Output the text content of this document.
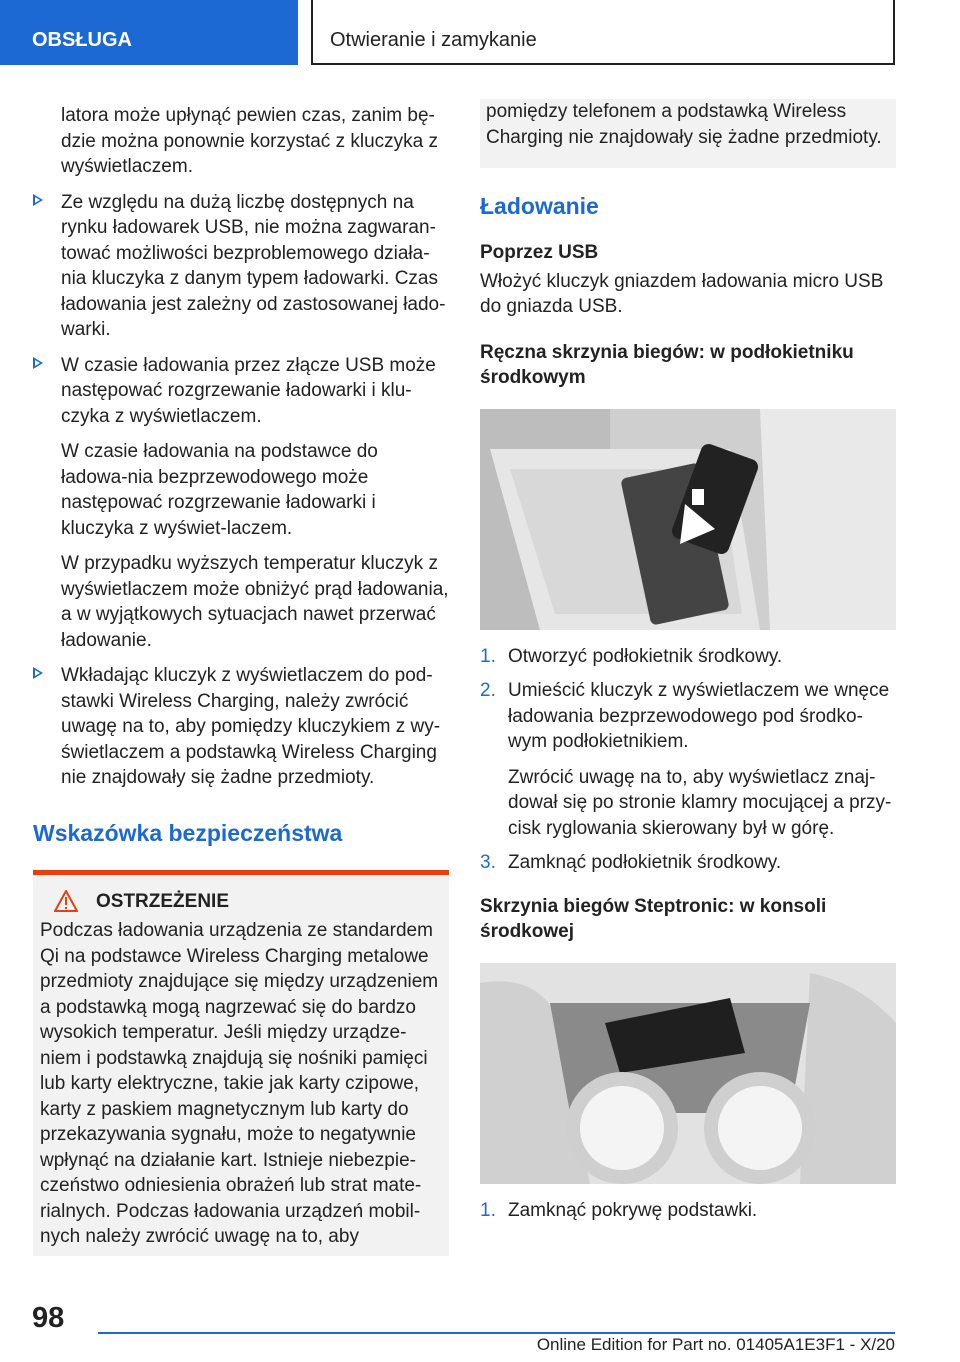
OBSŁUGA	Otwieranie i zamykanie

latora może upłynąć pewien czas, zanim bę-dzie można ponownie korzystać z kluczyka z wyświetlaczem.

Ze względu na dużą liczbę dostępnych na rynku ładowarek USB, nie można zagwaran-tować możliwości bezproblemowego działa-nia kluczyka z danym typem ładowarki. Czas ładowania jest zależny od zastosowanej łado-warki.

W czasie ładowania przez złącze USB może następować rozgrzewanie ładowarki i klu-czyka z wyświetlaczem.

W czasie ładowania na podstawce do ładowa-nia bezprzewodowego może następować rozgrzewanie ładowarki i kluczyka z wyświet-laczem.

W przypadku wyższych temperatur kluczyk z wyświetlaczem może obniżyć prąd ładowania, a w wyjątkowych sytuacjach nawet przerwać ładowanie.

Wkładając kluczyk z wyświetlaczem do pod-stawki Wireless Charging, należy zwrócić uwagę na to, aby pomiędzy kluczykiem z wy-świetlaczem a podstawką Wireless Charging nie znajdowały się żadne przedmioty.

Wskazówka bezpieczeństwa
OSTRZEŻENIE

Podczas ładowania urządzenia ze standardem Qi na podstawce Wireless Charging metalowe przedmioty znajdujące się między urządzeniem a podstawką mogą nagrzewać się do bardzo wysokich temperatur. Jeśli między urządze-niem i podstawką znajdują się nośniki pamięci lub karty elektryczne, takie jak karty czipowe, karty z paskiem magnetycznym lub karty do przekazywania sygnału, może to negatywnie wpłynąć na działanie kart. Istnieje niebezpie-czeństwo odniesienia obrażeń lub strat mate-rialnych. Podczas ładowania urządzeń mobil-nych należy zwrócić uwagę na to, aby

pomiędzy telefonem a podstawką Wireless Charging nie znajdowały się żadne przedmioty.

Ładowanie
Poprzez USB

Włożyć kluczyk gniazdem ładowania micro USB do gniazda USB.

Ręczna skrzynia biegów: w podłokietniku środkowym

1. Otworzyć podłokietnik środkowy.

2. Umieścić kluczyk z wyświetlaczem we wnęce ładowania bezprzewodowego pod środko-wym podłokietnikiem.

Zwrócić uwagę na to, aby wyświetlacz znaj-dował się po stronie klamry mocującej a przy-cisk ryglowania skierowany był w górę.

3. Zamknąć podłokietnik środkowy.

Skrzynia biegów Steptronic: w konsoli środkowej

1. Zamknąć pokrywę podstawki.

98
Online Edition for Part no. 01405A1E3F1 - X/20
